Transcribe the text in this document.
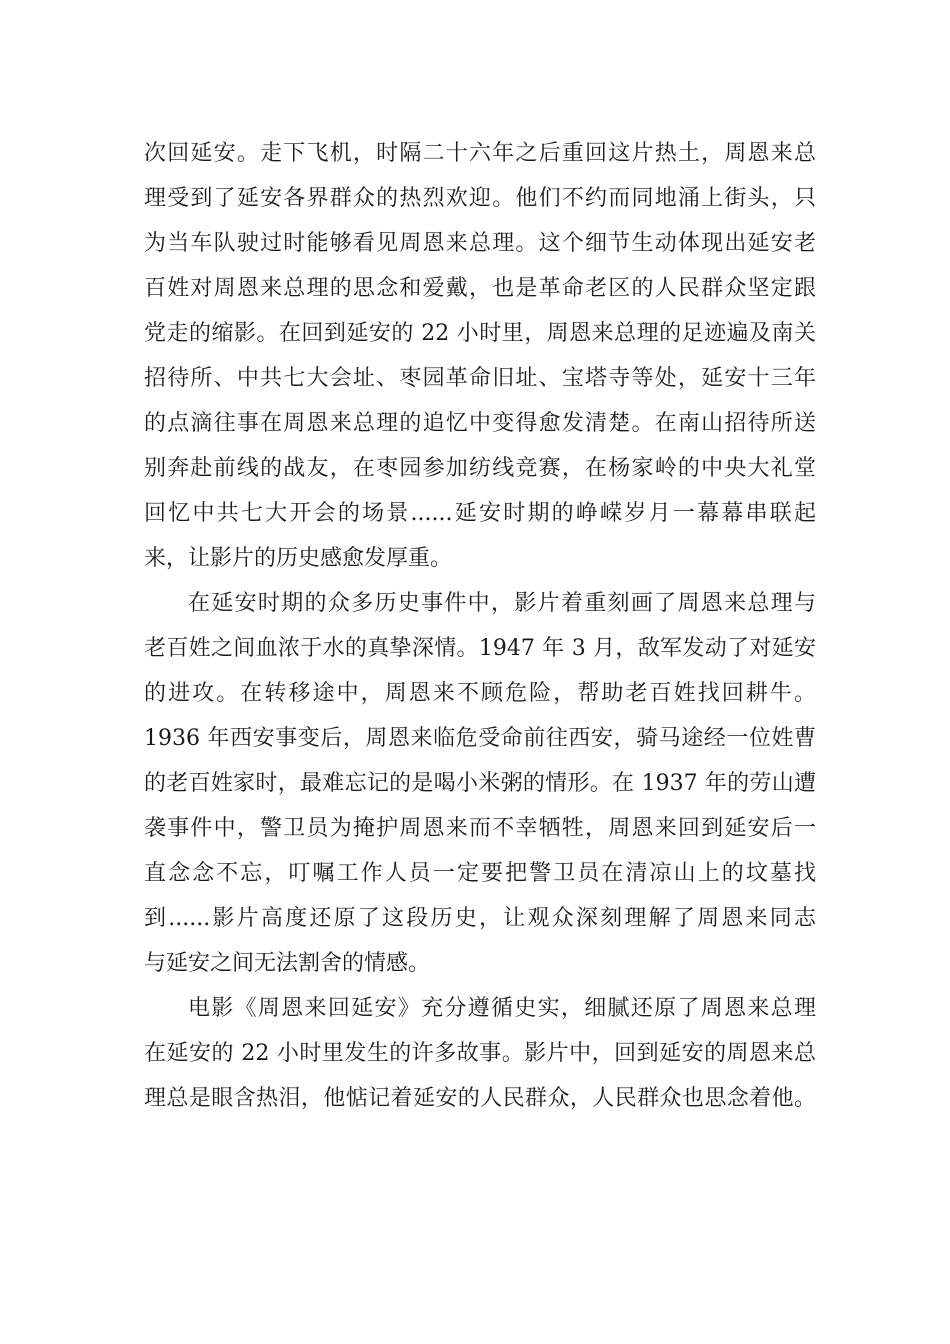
次回延安。走下飞机，时隔二十六年之后重回这片热土，周恩来总
理受到了延安各界群众的热烈欢迎。他们不约而同地涌上街头，只
为当车队驶过时能够看见周恩来总理。这个细节生动体现出延安老
百姓对周恩来总理的思念和爱戴，也是革命老区的人民群众坚定跟
党走的缩影。在回到延安的 22 小时里，周恩来总理的足迹遍及南关
招待所、中共七大会址、枣园革命旧址、宝塔寺等处，延安十三年
的点滴往事在周恩来总理的追忆中变得愈发清楚。在南山招待所送
别奔赴前线的战友，在枣园参加纺线竞赛，在杨家岭的中央大礼堂
回忆中共七大开会的场景......延安时期的峥嵘岁月一幕幕串联起
来，让影片的历史感愈发厚重。
在延安时期的众多历史事件中，影片着重刻画了周恩来总理与
老百姓之间血浓于水的真挚深情。1947 年 3 月，敌军发动了对延安
的进攻。在转移途中，周恩来不顾危险，帮助老百姓找回耕牛。
1936 年西安事变后，周恩来临危受命前往西安，骑马途经一位姓曹
的老百姓家时，最难忘记的是喝小米粥的情形。在 1937 年的劳山遭
袭事件中，警卫员为掩护周恩来而不幸牺牲，周恩来回到延安后一
直念念不忘，叮嘱工作人员一定要把警卫员在清凉山上的坟墓找
到......影片高度还原了这段历史，让观众深刻理解了周恩来同志
与延安之间无法割舍的情感。
电影《周恩来回延安》充分遵循史实，细腻还原了周恩来总理
在延安的 22 小时里发生的许多故事。影片中，回到延安的周恩来总
理总是眼含热泪，他惦记着延安的人民群众，人民群众也思念着他。
